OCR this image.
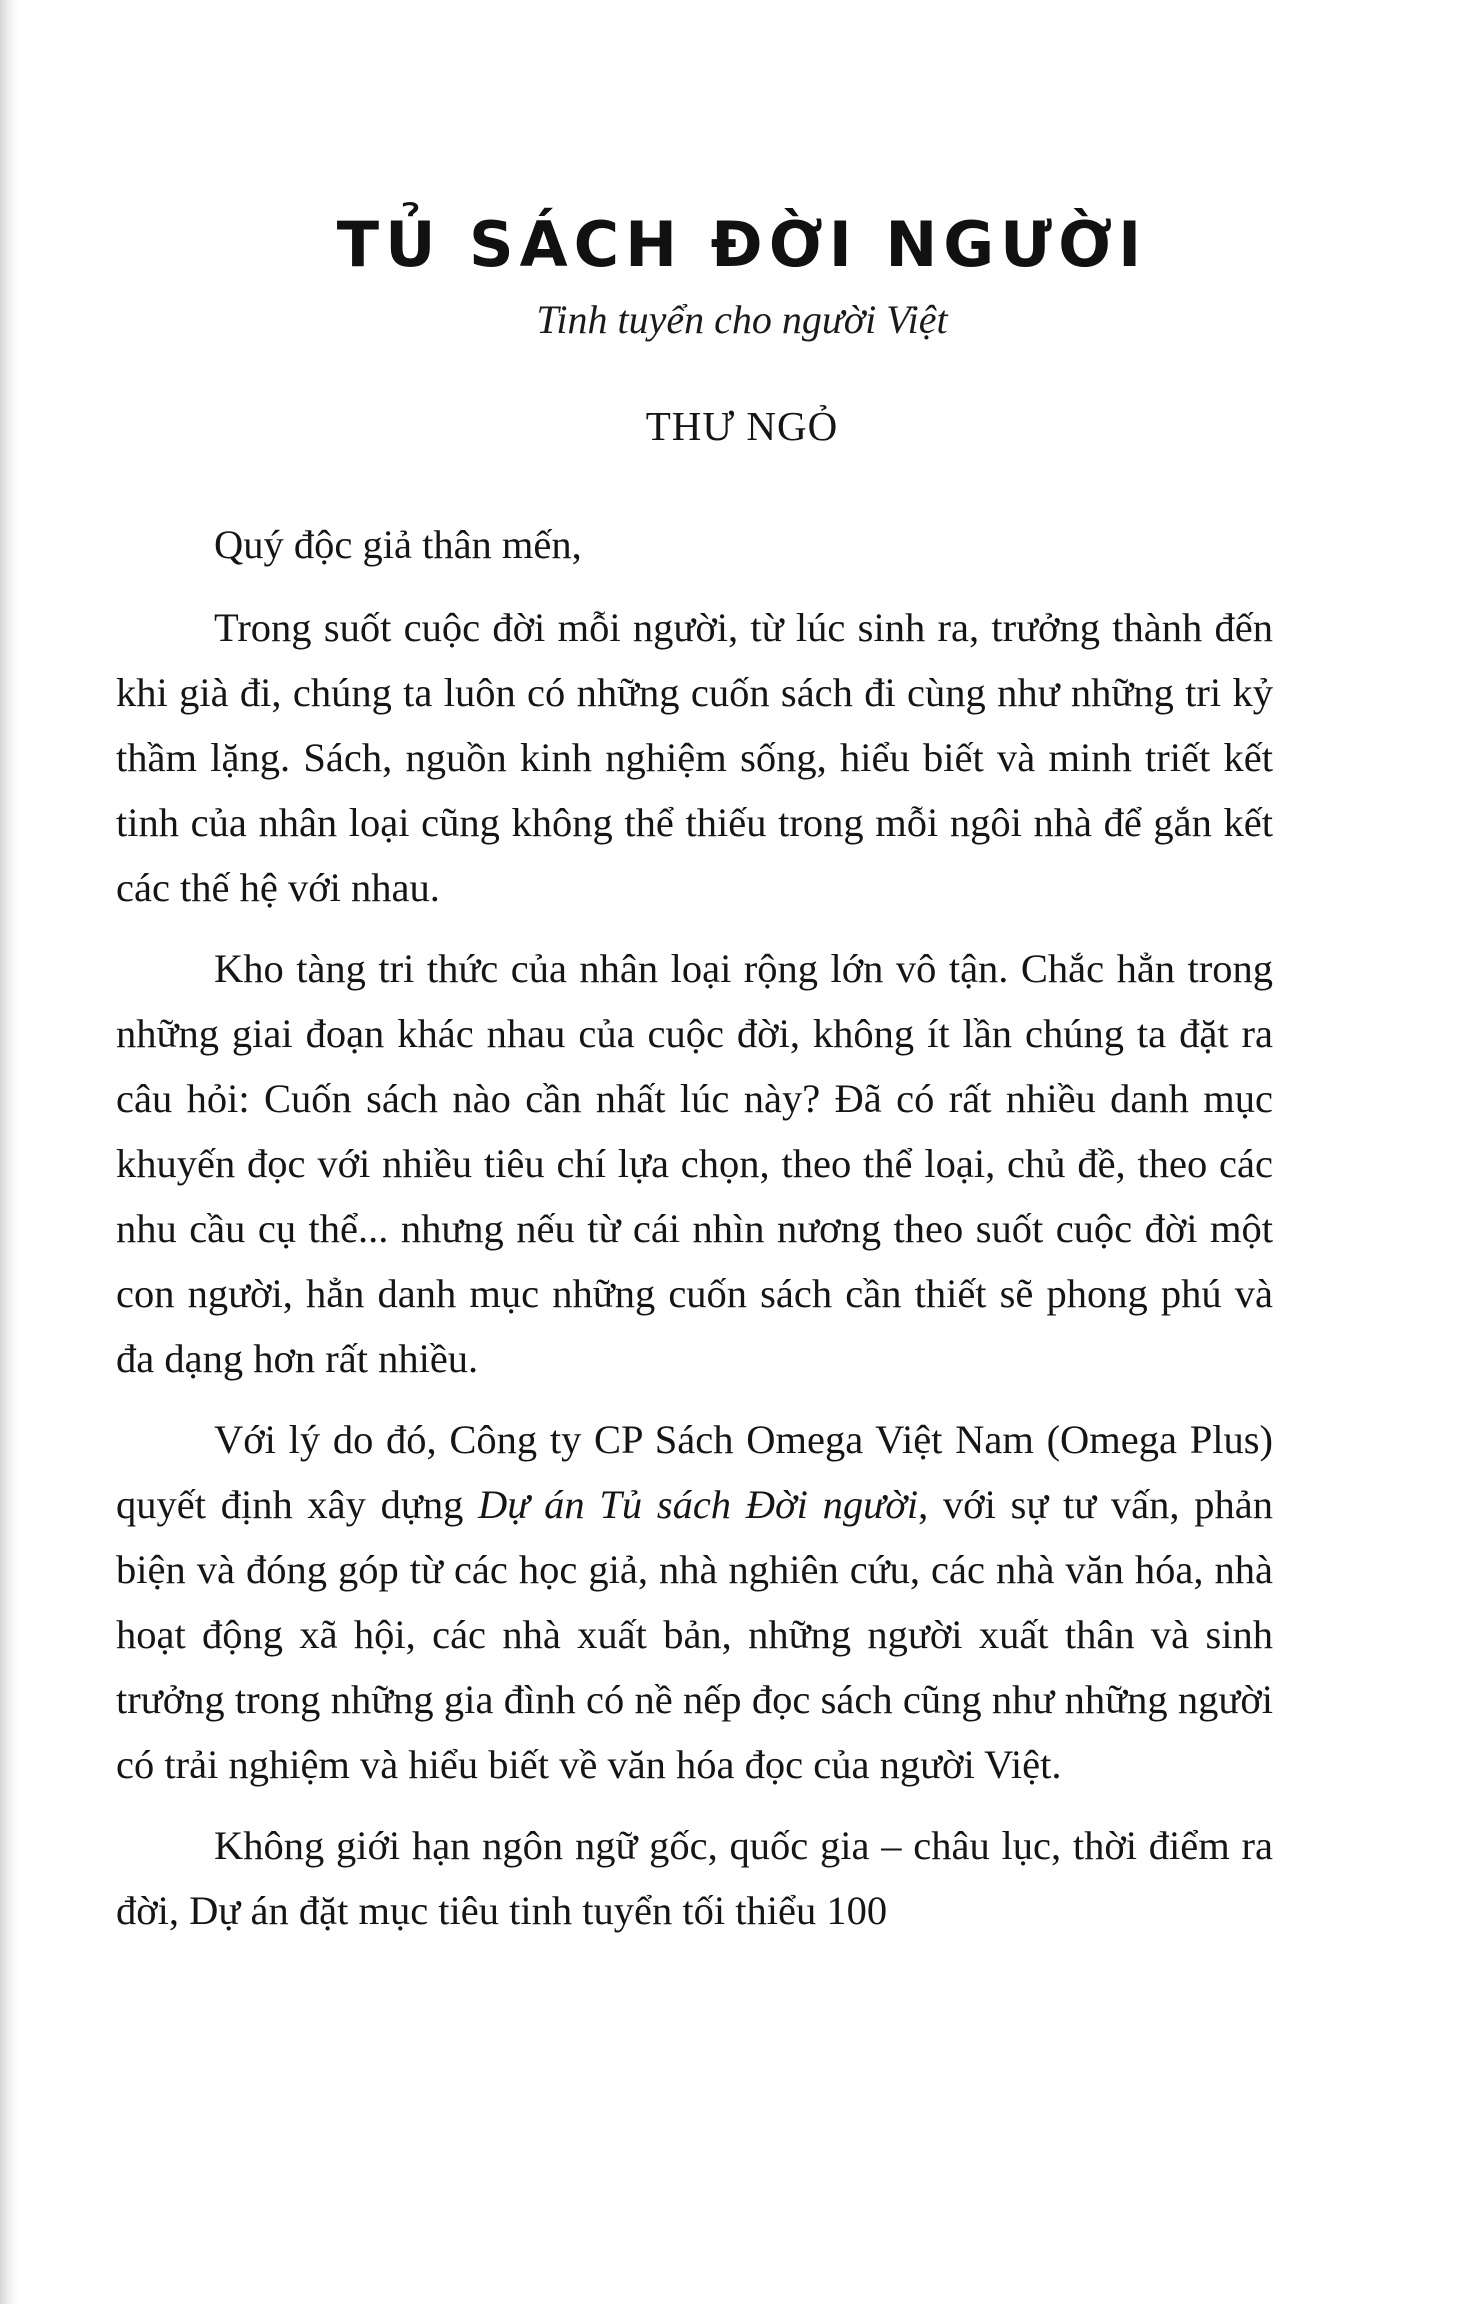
TỦ SÁCH ĐỜI NGƯỜI
Tinh tuyển cho người Việt
THƯ NGỎ

Quý độc giả thân mến,

Trong suốt cuộc đời mỗi người, từ lúc sinh ra, trưởng thành đến khi già đi, chúng ta luôn có những cuốn sách đi cùng như những tri kỷ thầm lặng. Sách, nguồn kinh nghiệm sống, hiểu biết và minh triết kết tinh của nhân loại cũng không thể thiếu trong mỗi ngôi nhà để gắn kết các thế hệ với nhau.

Kho tàng tri thức của nhân loại rộng lớn vô tận. Chắc hẳn trong những giai đoạn khác nhau của cuộc đời, không ít lần chúng ta đặt ra câu hỏi: Cuốn sách nào cần nhất lúc này? Đã có rất nhiều danh mục khuyến đọc với nhiều tiêu chí lựa chọn, theo thể loại, chủ đề, theo các nhu cầu cụ thể... nhưng nếu từ cái nhìn nương theo suốt cuộc đời một con người, hẳn danh mục những cuốn sách cần thiết sẽ phong phú và đa dạng hơn rất nhiều.

Với lý do đó, Công ty CP Sách Omega Việt Nam (Omega Plus) quyết định xây dựng Dự án Tủ sách Đời người, với sự tư vấn, phản biện và đóng góp từ các học giả, nhà nghiên cứu, các nhà văn hóa, nhà hoạt động xã hội, các nhà xuất bản, những người xuất thân và sinh trưởng trong những gia đình có nề nếp đọc sách cũng như những người có trải nghiệm và hiểu biết về văn hóa đọc của người Việt.

Không giới hạn ngôn ngữ gốc, quốc gia – châu lục, thời điểm ra đời, Dự án đặt mục tiêu tinh tuyển tối thiểu 100
